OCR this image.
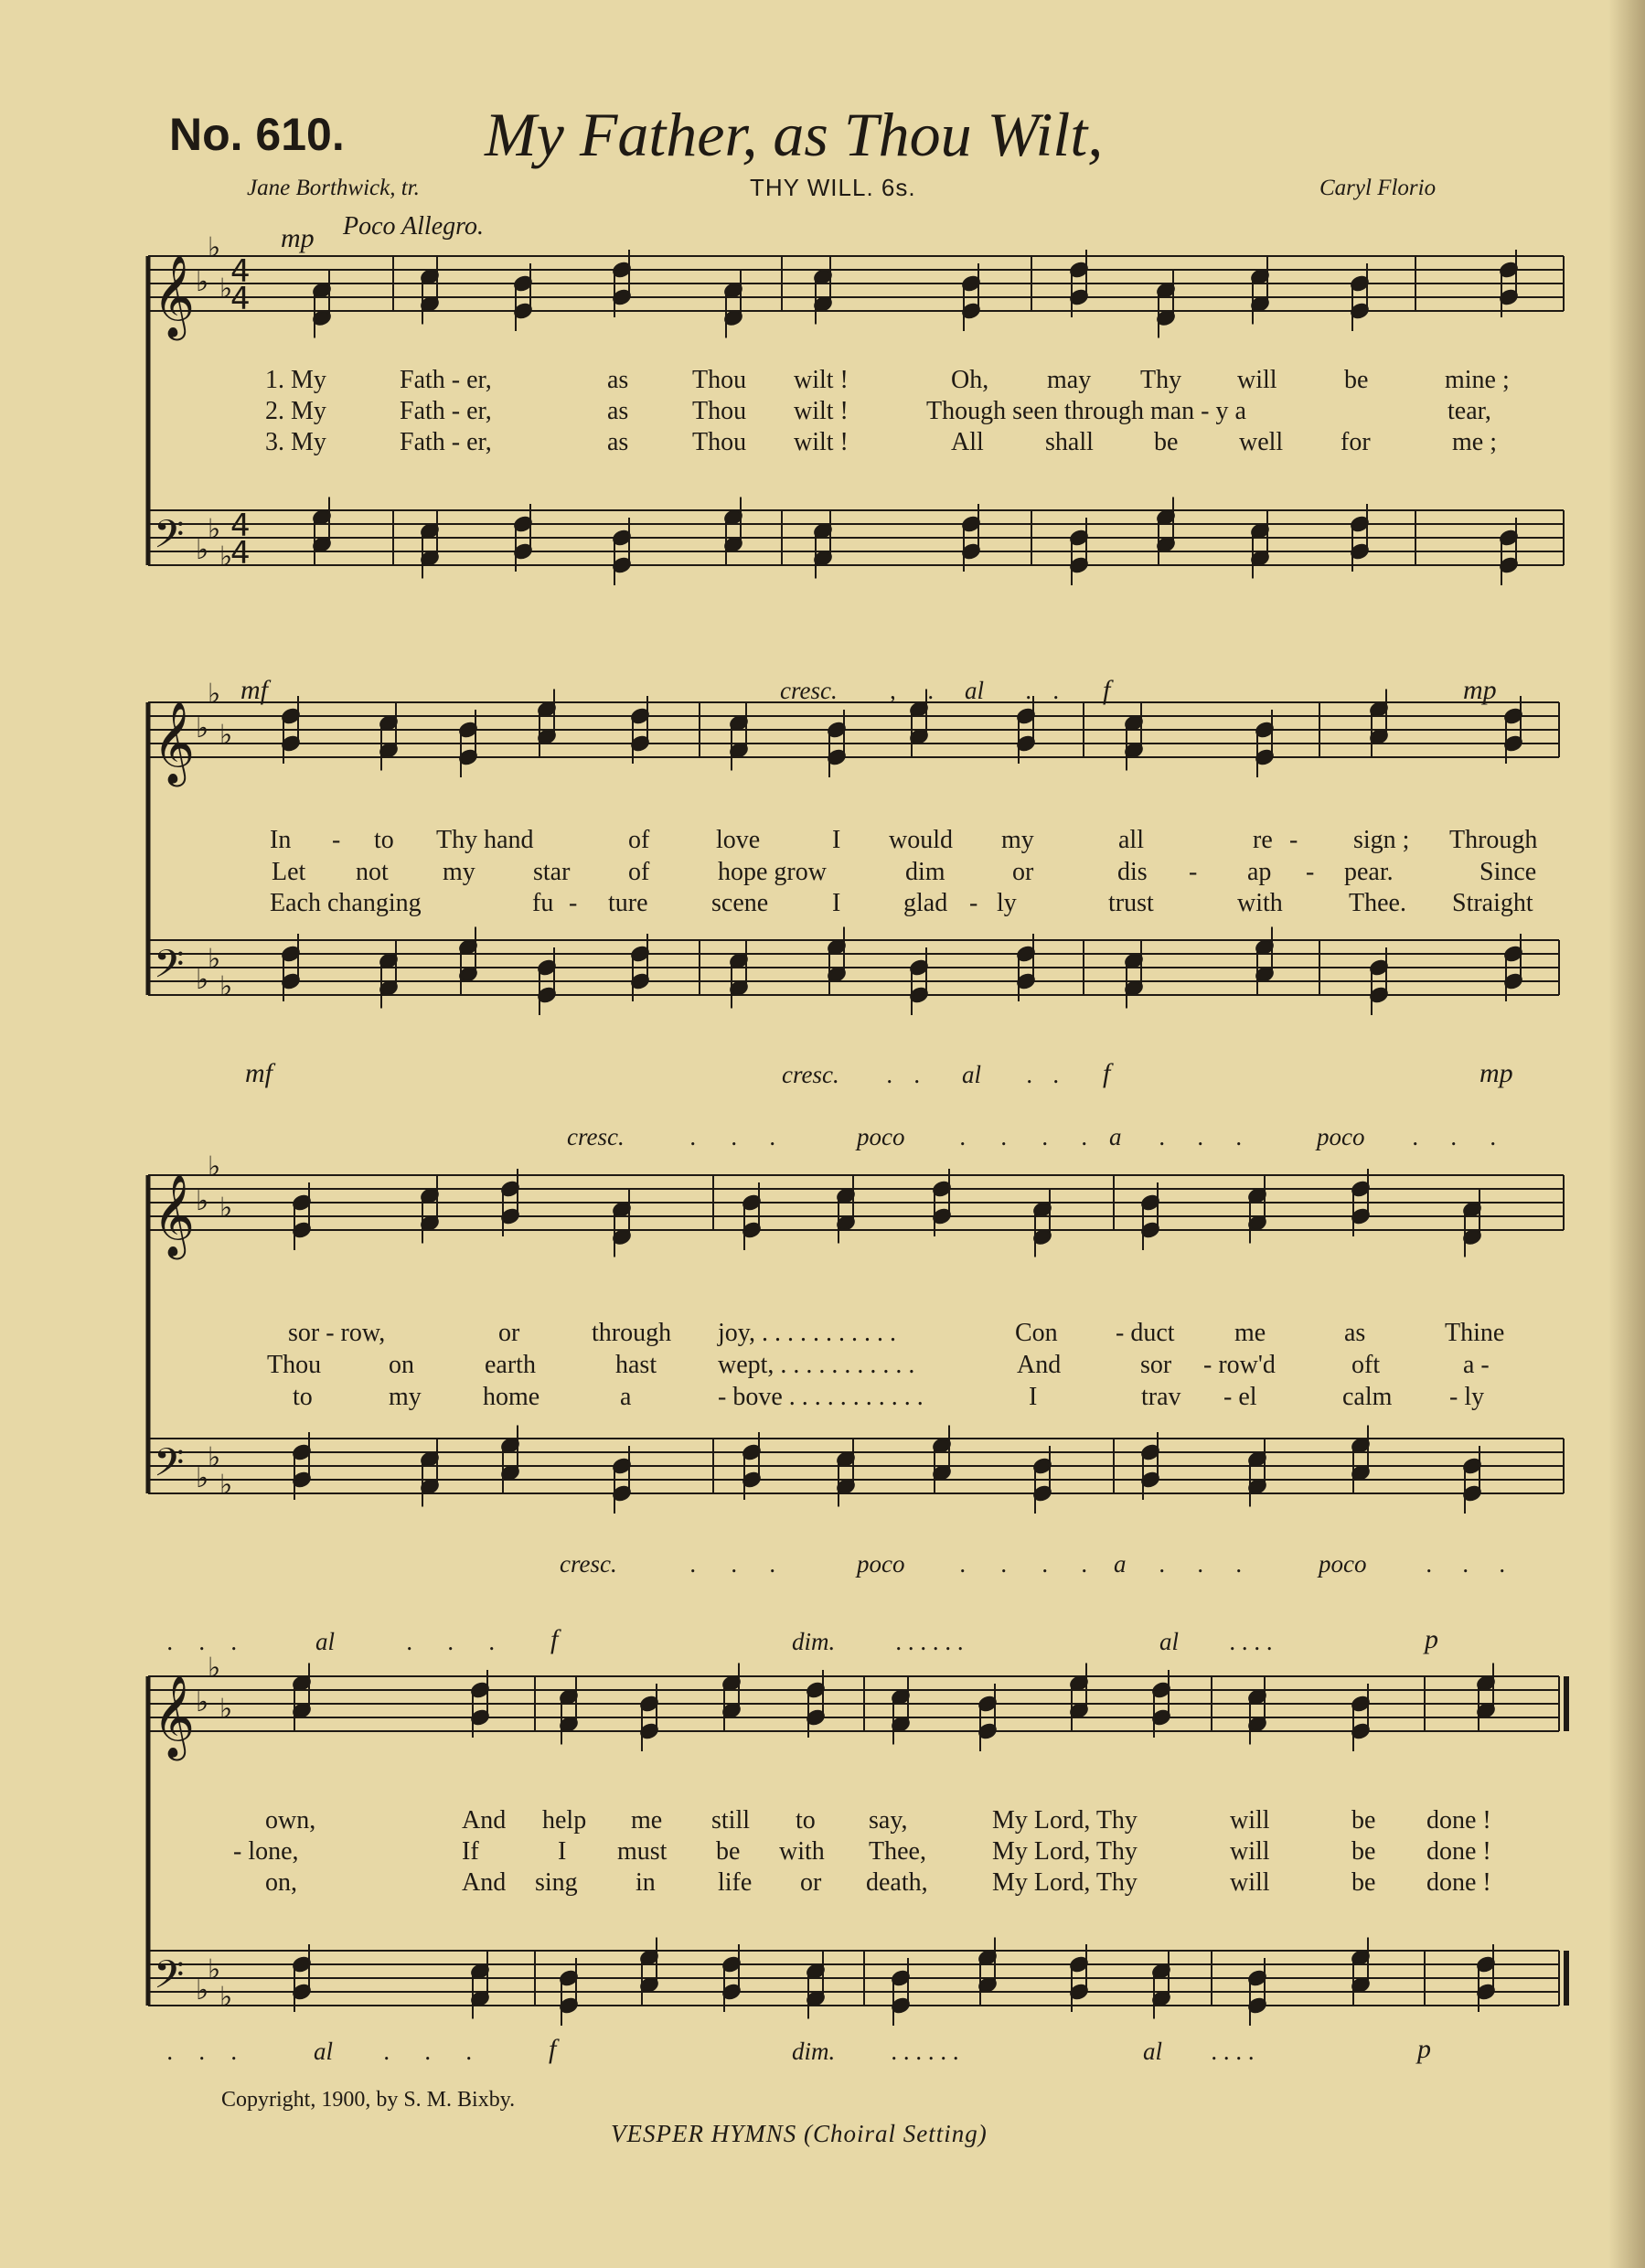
No. 610. My Father, as Thou Wilt,
Jane Borthwick, tr.	THY WILL. 6s.	Caryl Florio
Poco Allegro.
mp
𝄞
𝄢
♭
♭
♭
♭
♭
♭
4
4
4
4
1. My	Fath - er,	as Thou wilt !	Oh, may Thy will	be	mine ;
2. My	Fath - er,	as Thou wilt !	Though seen through man - y a	tear,
3. My	Fath - er,	as Thou wilt !	All shall be well for	me ;
mf	cresc. , . al . . f	mp
𝄞
𝄢
♭
♭
♭
♭
♭
♭
In - to Thy hand	of	love	I would my	all	re - sign ; Through
Let not my star of	hope grow	dim	or	dis - ap - pear.	Since
Each changing	fu - ture scene I glad - ly	trust	with	Thee. Straight
mf	cresc. . . al . . f	mp
cresc.	. . .	poco . . . . a . . .	poco . . .
𝄞
𝄢
♭
♭
♭
♭
♭
♭
sor - row,	or	through joy, . . . . . . . . . . .	Con - duct me	as	Thine
Thou	on	earth	hast wept, . . . . . . . . . . .	And	sor - row'd	oft	a -
to	my home	a	- bove . . . . . . . . . . .	I	trav - el	calm - ly
cresc.	. . .	poco . . . . a . . .	poco . . .
. . .	al	. . . f	dim. . . . . . .	al . . . .	p
𝄞
𝄢
♭
♭
♭
♭
♭
♭
own,	And help me still to say,	My Lord, Thy	will	be done !
- lone,	If	I must be with Thee,	My Lord, Thy	will	be done !
on,	And sing in life or death,	My Lord, Thy	will	be done !
. . .	al . . .	f	dim. . . . . . .	al . . . .	p
Copyright, 1900, by S. M. Bixby.
VESPER HYMNS (Choiral Setting)
